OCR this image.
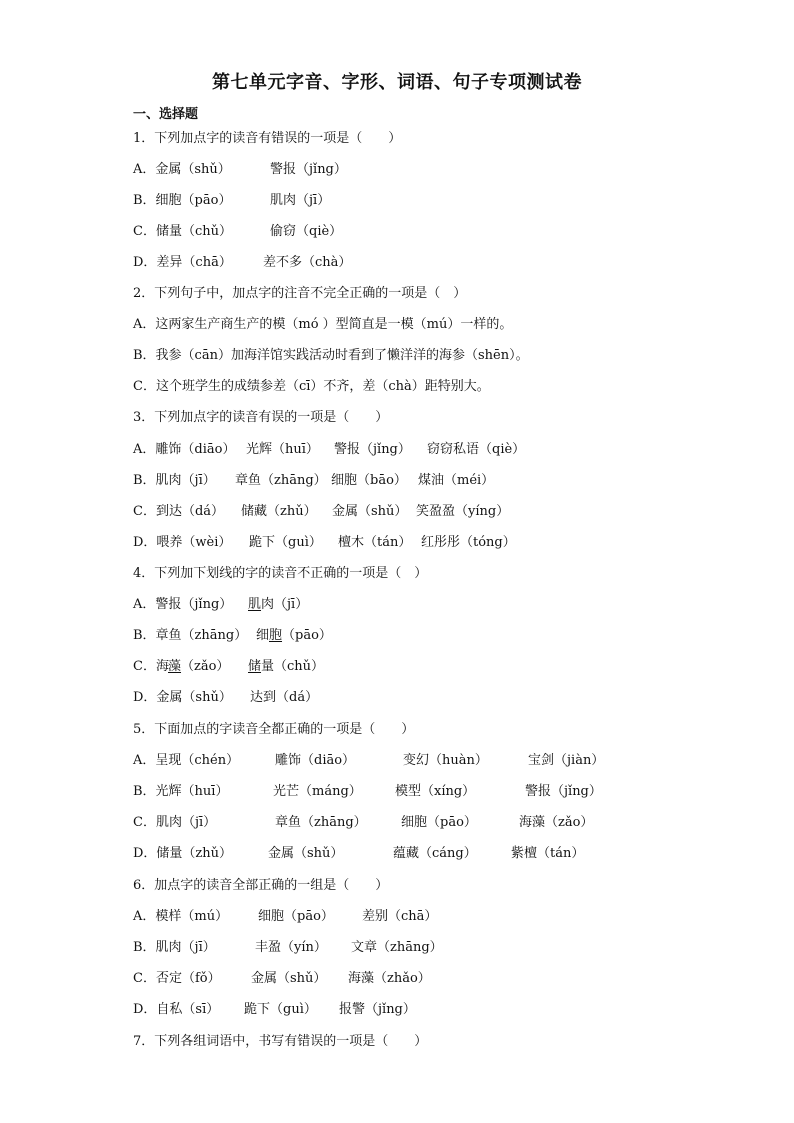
第七单元字音、字形、词语、句子专项测试卷
一、选择题
1．下列加点字的读音有错误的一项是（　　）
A．金属（shǔ）	警报（jǐng）
B．细胞（pāo）	肌肉（jī）
C．储量（chǔ）	偷窃（qiè）
D．差异（chā） 差不多（chà）
2．下列句子中，加点字的注音不完全正确的一项是（　）
A．这两家生产商生产的模（mó ）型简直是一模（mú）一样的。
B．我参（cān）加海洋馆实践活动时看到了懒洋洋的海参（shēn）。
C．这个班学生的成绩参差（cī）不齐，差（chà）距特别大。
3．下列加点字的读音有误的一项是（　　）
A．雕饰（diāo） 光辉（huī） 警报（jǐng） 窃窃私语（qiè）
B．肌肉（jī） 章鱼（zhāng） 细胞（bāo） 煤油（méi）
C．到达（dá） 储藏（zhǔ） 金属（shǔ） 笑盈盈（yíng）
D．喂养（wèi） 跪下（guì） 檀木（tán） 红彤彤（tóng）
4．下列加下划线的字的读音不正确的一项是（　）
A．警报（jǐng） 肌 肉（jī）
B．章鱼（zhāng） 细 胞 （pāo）
C．海 藻 （zǎo） 储 量（chǔ）
D．金属（shǔ） 达到（dá）
5．下面加点的字读音全都正确的一项是（　　）
A．呈现（chén）	雕饰（diāo）	变幻（huàn）	宝剑（jiàn）
B．光辉（huī）	光芒（máng）	模型（xíng）	警报（jǐng）
C．肌肉（jī）	章鱼（zhāng）	细胞（pāo）	海藻（zǎo）
D．储量（zhǔ）	金属（shǔ）	蕴藏（cáng）	紫檀（tán）
6．加点字的读音全部正确的一组是（　　）
A．模样（mú） 细胞（pāo） 差别（chā）
B．肌肉（jī）	丰盈（yín） 文章（zhāng）
C．否定（fǒ） 金属（shǔ） 海藻（zhǎo）
D．自私（sī） 跪下（guì） 报警（jǐng）
7．下列各组词语中，书写有错误的一项是（　　）
